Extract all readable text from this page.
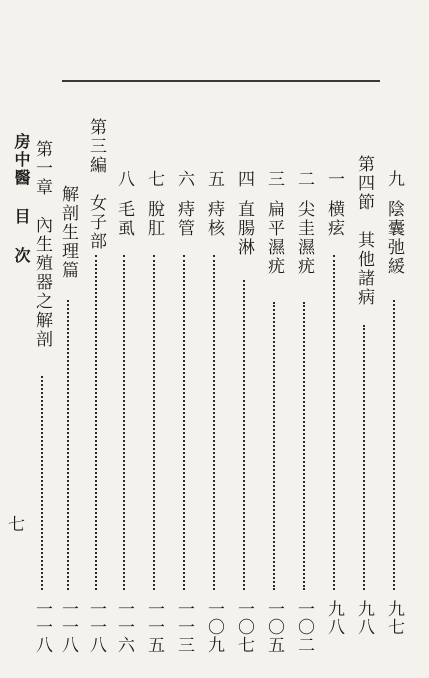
房中醫 目 次
七
九
陰囊弛緩
九七
第四節　其他諸病
九八
一
横痃
九八
二
尖圭濕疣
一〇二
三
扁平濕疣
一〇五
四
直腸淋
一〇七
五
痔核
一〇九
六
痔管
一一三
七
脫肛
一一五
八
毛虱
一一六
第三編　女子部
一一八
解剖生理篇
一一八
第一章　內生殖器之解剖
一一八
